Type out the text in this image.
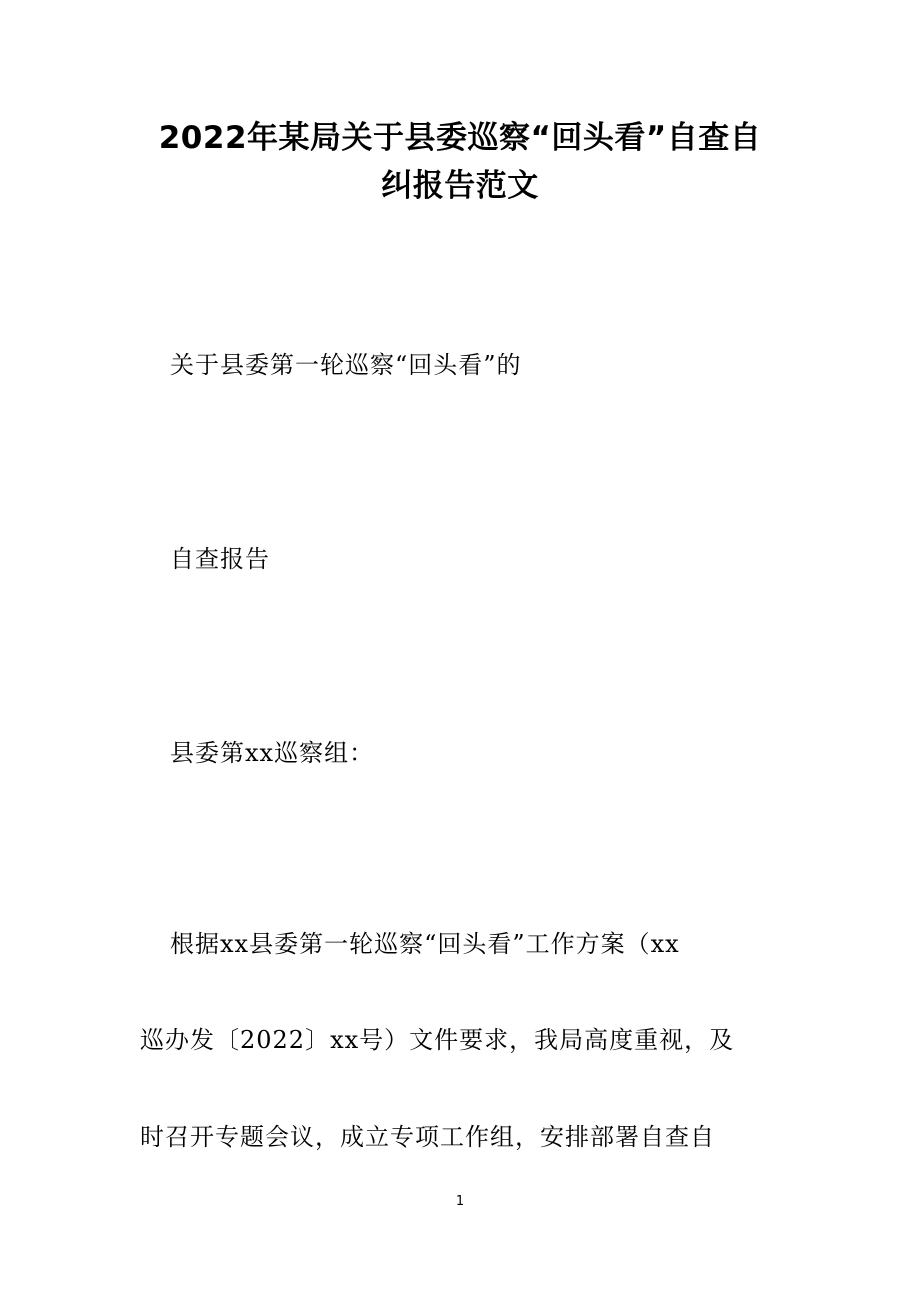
2022年某局关于县委巡察“回头看”自查自
纠报告范文
关于县委第一轮巡察“回头看”的
自查报告
县委第xx巡察组：
根据xx县委第一轮巡察“回头看”工作方案（xx
巡办发〔2022〕xx号）文件要求，我局高度重视，及
时召开专题会议，成立专项工作组，安排部署自查自
1
